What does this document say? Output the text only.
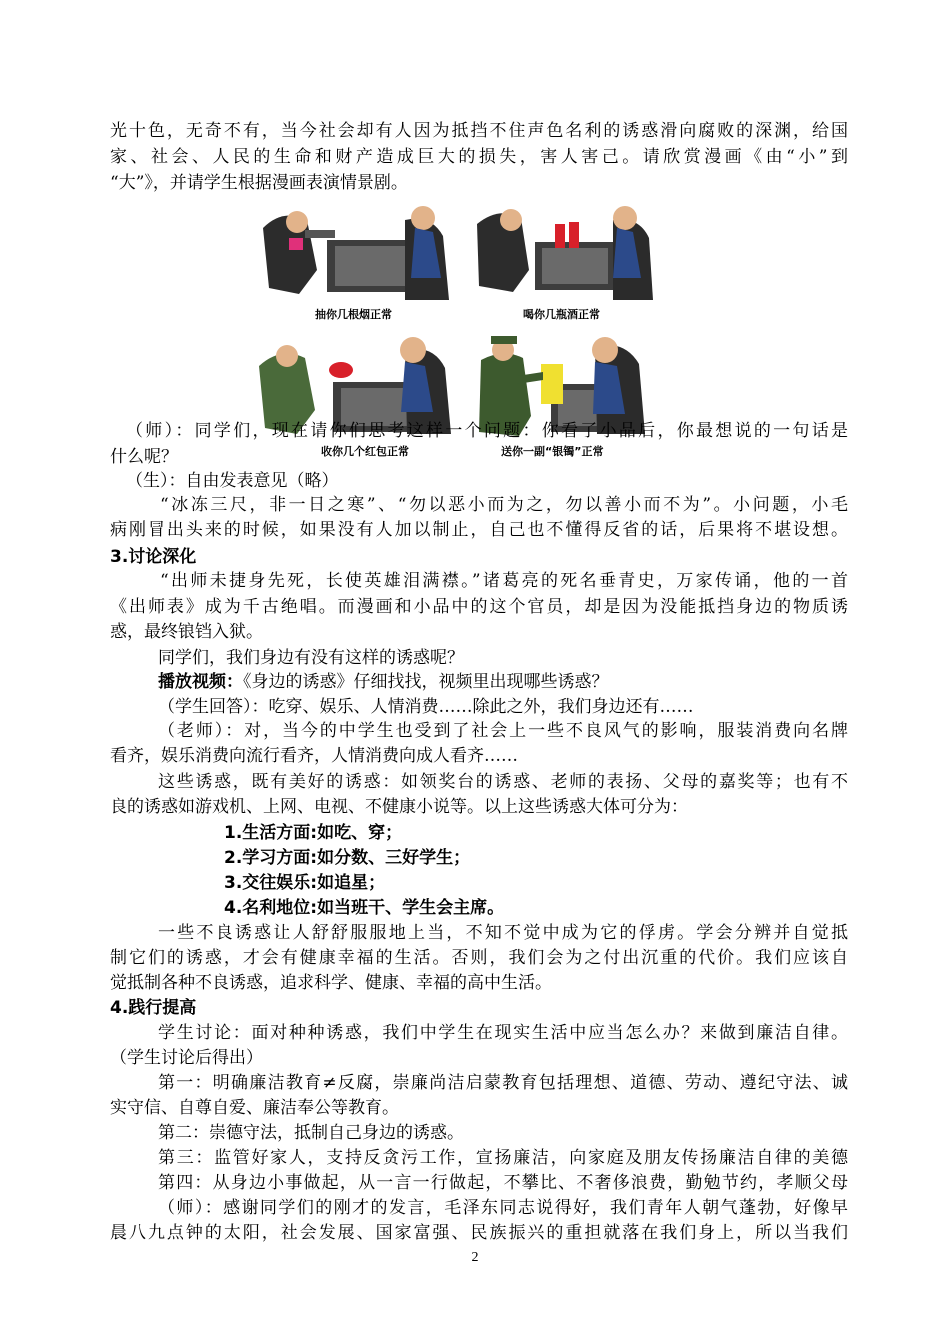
光十色，无奇不有，当今社会却有人因为抵挡不住声色名利的诱惑滑向腐败的深渊，给国
家、社会、人民的生命和财产造成巨大的损失，害人害己。请欣赏漫画《由“小”到
“大”》，并请学生根据漫画表演情景剧。
抽你几根烟正常	喝你几瓶酒正常
收你几个红包正常	送你一副“银镯”正常
（师）：同学们，现在请你们思考这样一个问题：你看了小品后，你最想说的一句话是
什么呢？
（生）：自由发表意见（略）
“冰冻三尺，非一日之寒”、“勿以恶小而为之，勿以善小而不为”。小问题，小毛
病刚冒出头来的时候，如果没有人加以制止，自己也不懂得反省的话，后果将不堪设想。
3.讨论深化
“出师未捷身先死，长使英雄泪满襟。”诸葛亮的死名垂青史，万家传诵，他的一首
《出师表》成为千古绝唱。而漫画和小品中的这个官员，却是因为没能抵挡身边的物质诱
惑，最终锒铛入狱。
同学们，我们身边有没有这样的诱惑呢？
播放视频：《身边的诱惑》仔细找找，视频里出现哪些诱惑？
（学生回答）：吃穿、娱乐、人情消费……除此之外，我们身边还有……
（老师）：对，当今的中学生也受到了社会上一些不良风气的影响，服装消费向名牌
看齐，娱乐消费向流行看齐，人情消费向成人看齐……
这些诱惑，既有美好的诱惑：如领奖台的诱惑、老师的表扬、父母的嘉奖等；也有不
良的诱惑如游戏机、上网、电视、不健康小说等。以上这些诱惑大体可分为：
1.生活方面:如吃、穿；
2.学习方面:如分数、三好学生；
3.交往娱乐:如追星；
4.名利地位:如当班干、学生会主席。
一些不良诱惑让人舒舒服服地上当，不知不觉中成为它的俘虏。学会分辨并自觉抵
制它们的诱惑，才会有健康幸福的生活。否则，我们会为之付出沉重的代价。我们应该自
觉抵制各种不良诱惑，追求科学、健康、幸福的高中生活。
4.践行提高
学生讨论：面对种种诱惑，我们中学生在现实生活中应当怎么办？来做到廉洁自律。
（学生讨论后得出）
第一：明确廉洁教育≠反腐，崇廉尚洁启蒙教育包括理想、道德、劳动、遵纪守法、诚
实守信、自尊自爱、廉洁奉公等教育。
第二：崇德守法，抵制自己身边的诱惑。
第三：监管好家人，支持反贪污工作，宣扬廉洁，向家庭及朋友传扬廉洁自律的美德
第四：从身边小事做起，从一言一行做起，不攀比、不奢侈浪费，勤勉节约，孝顺父母
（师）：感谢同学们的刚才的发言，毛泽东同志说得好，我们青年人朝气蓬勃，好像早
晨八九点钟的太阳，社会发展、国家富强、民族振兴的重担就落在我们身上，所以当我们
2
